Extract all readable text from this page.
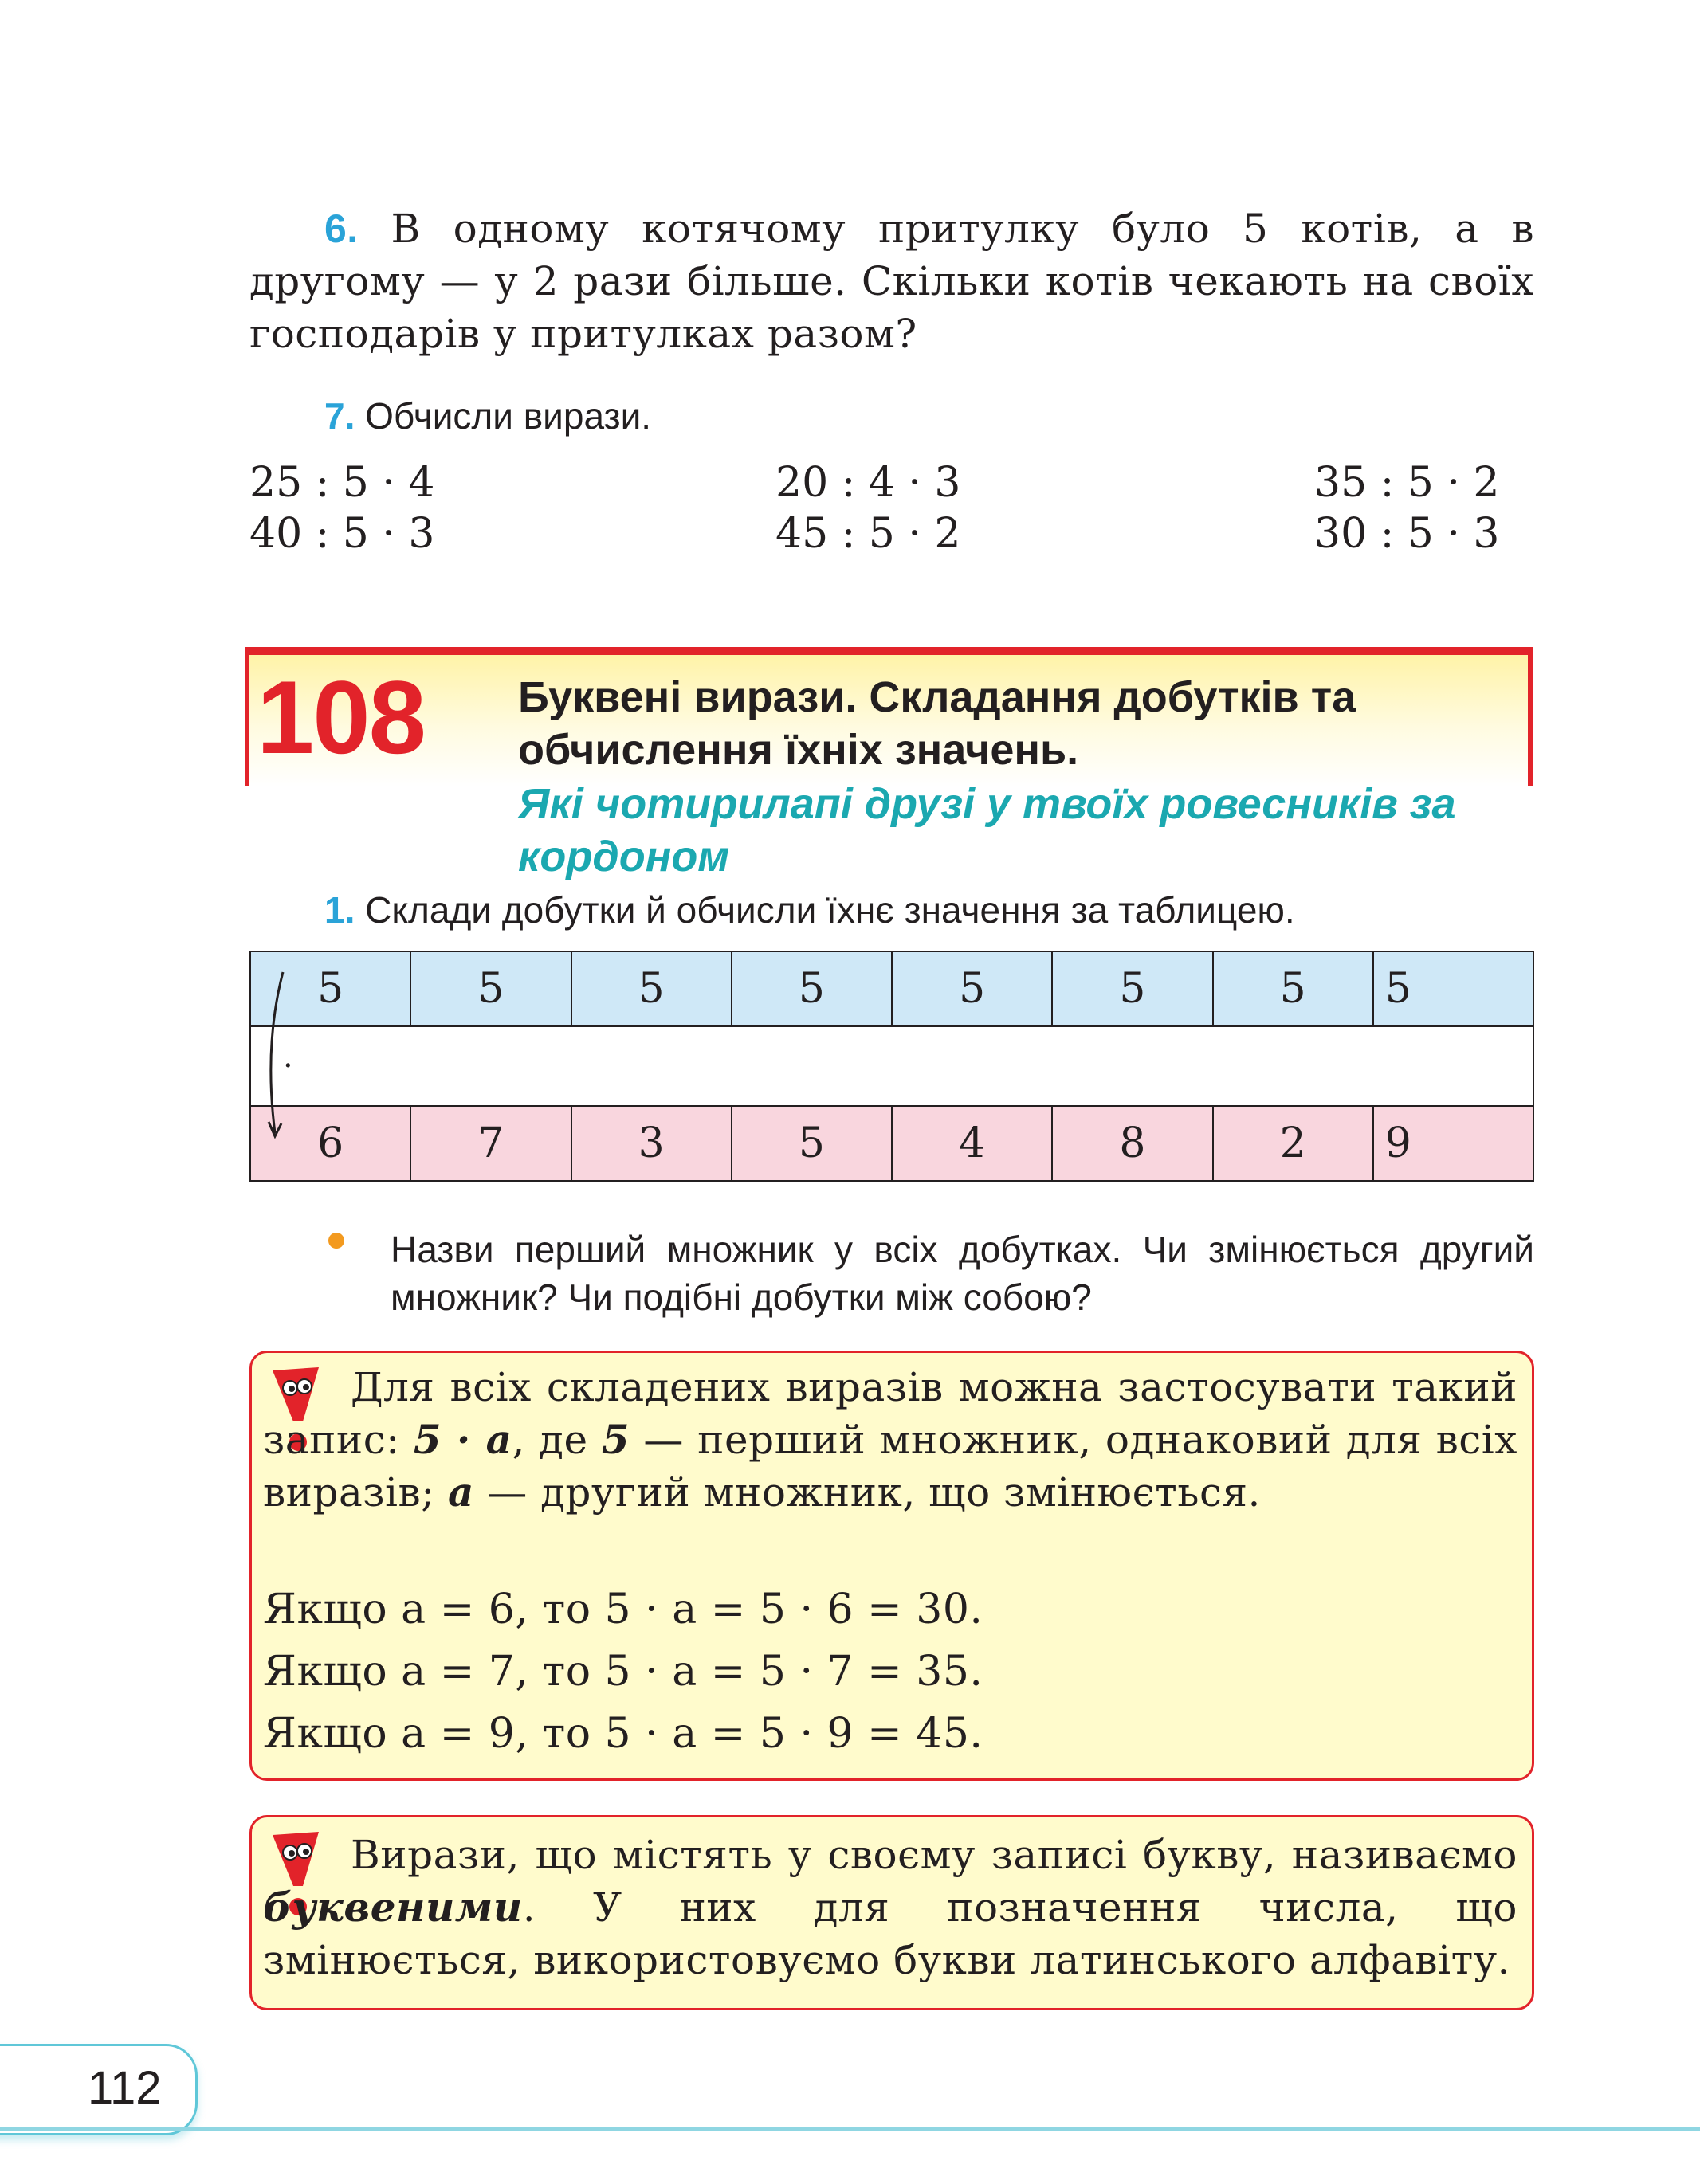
6. В одному котячому притулку було 5 котів, а в другому — у 2 рази більше. Скільки котів чекають на своїх господарів у притулках разом?
7. Обчисли вирази.
25 : 5 · 4	20 : 4 · 3	35 : 5 · 2
40 : 5 · 3	45 : 5 · 2	30 : 5 · 3
108 Буквені вирази. Складання добутків та обчислення їхніх значень.
Які чотирилапі друзі у твоїх ровесників за кордоном
1. Склади добутки й обчисли їхнє значення за таблицею.
5	5	5	5	5	5	5	5
·							
6	7	3	5	4	8	2	9
Назви перший множник у всіх добутках. Чи змінюється другий множник? Чи подібні добутки між собою?
Для всіх складених виразів можна застосувати такий запис: 5 · a, де 5 — перший множник, однаковий для всіх виразів; a — другий множник, що змінюється.
Якщо a = 6, то 5 · a = 5 · 6 = 30.
Якщо a = 7, то 5 · a = 5 · 7 = 35.
Якщо a = 9, то 5 · a = 5 · 9 = 45.
Вирази, що містять у своєму записі букву, називаємо буквеними. У них для позначення числа, що змінюється, використовуємо букви латинського алфавіту.
112
